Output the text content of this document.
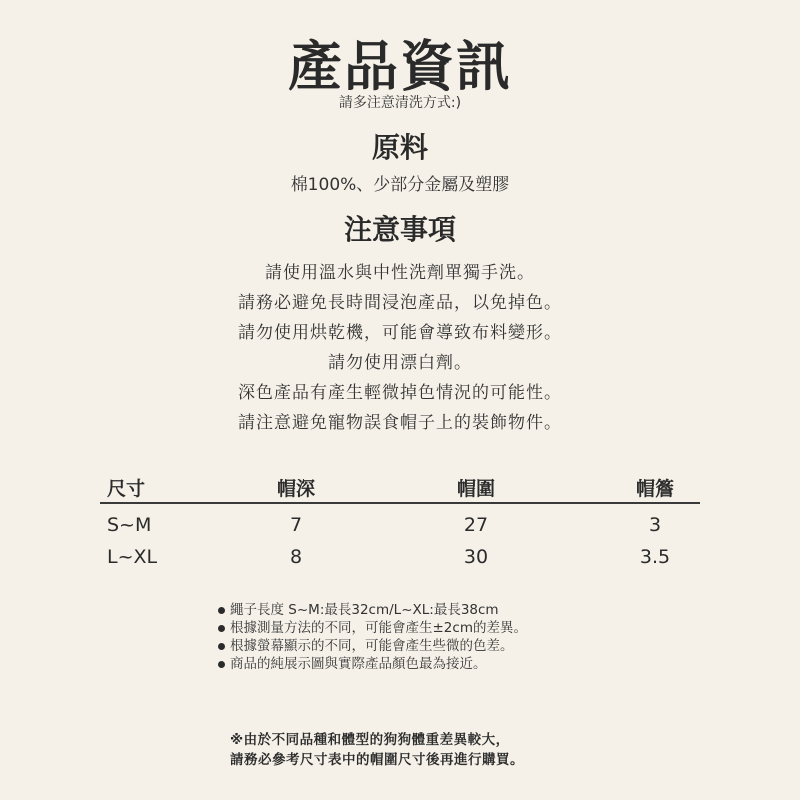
產品資訊
請多注意清洗方式:)
原料
棉100%、少部分金屬及塑膠
注意事項
請使用溫水與中性洗劑單獨手洗。
請務必避免長時間浸泡產品，以免掉色。
請勿使用烘乾機，可能會導致布料變形。
請勿使用漂白劑。
深色產品有產生輕微掉色情況的可能性。
請注意避免寵物誤食帽子上的裝飾物件。
尺寸	帽深	帽圍	帽簷
S~M	7	27	3
L~XL	8	30	3.5
繩子長度 S~M:最長32cm/L~XL:最長38cm
根據測量方法的不同，可能會產生±2cm的差異。
根據螢幕顯示的不同，可能會產生些微的色差。
商品的純展示圖與實際產品顏色最為接近。
※由於不同品種和體型的狗狗體重差異較大，
請務必參考尺寸表中的帽圍尺寸後再進行購買。
